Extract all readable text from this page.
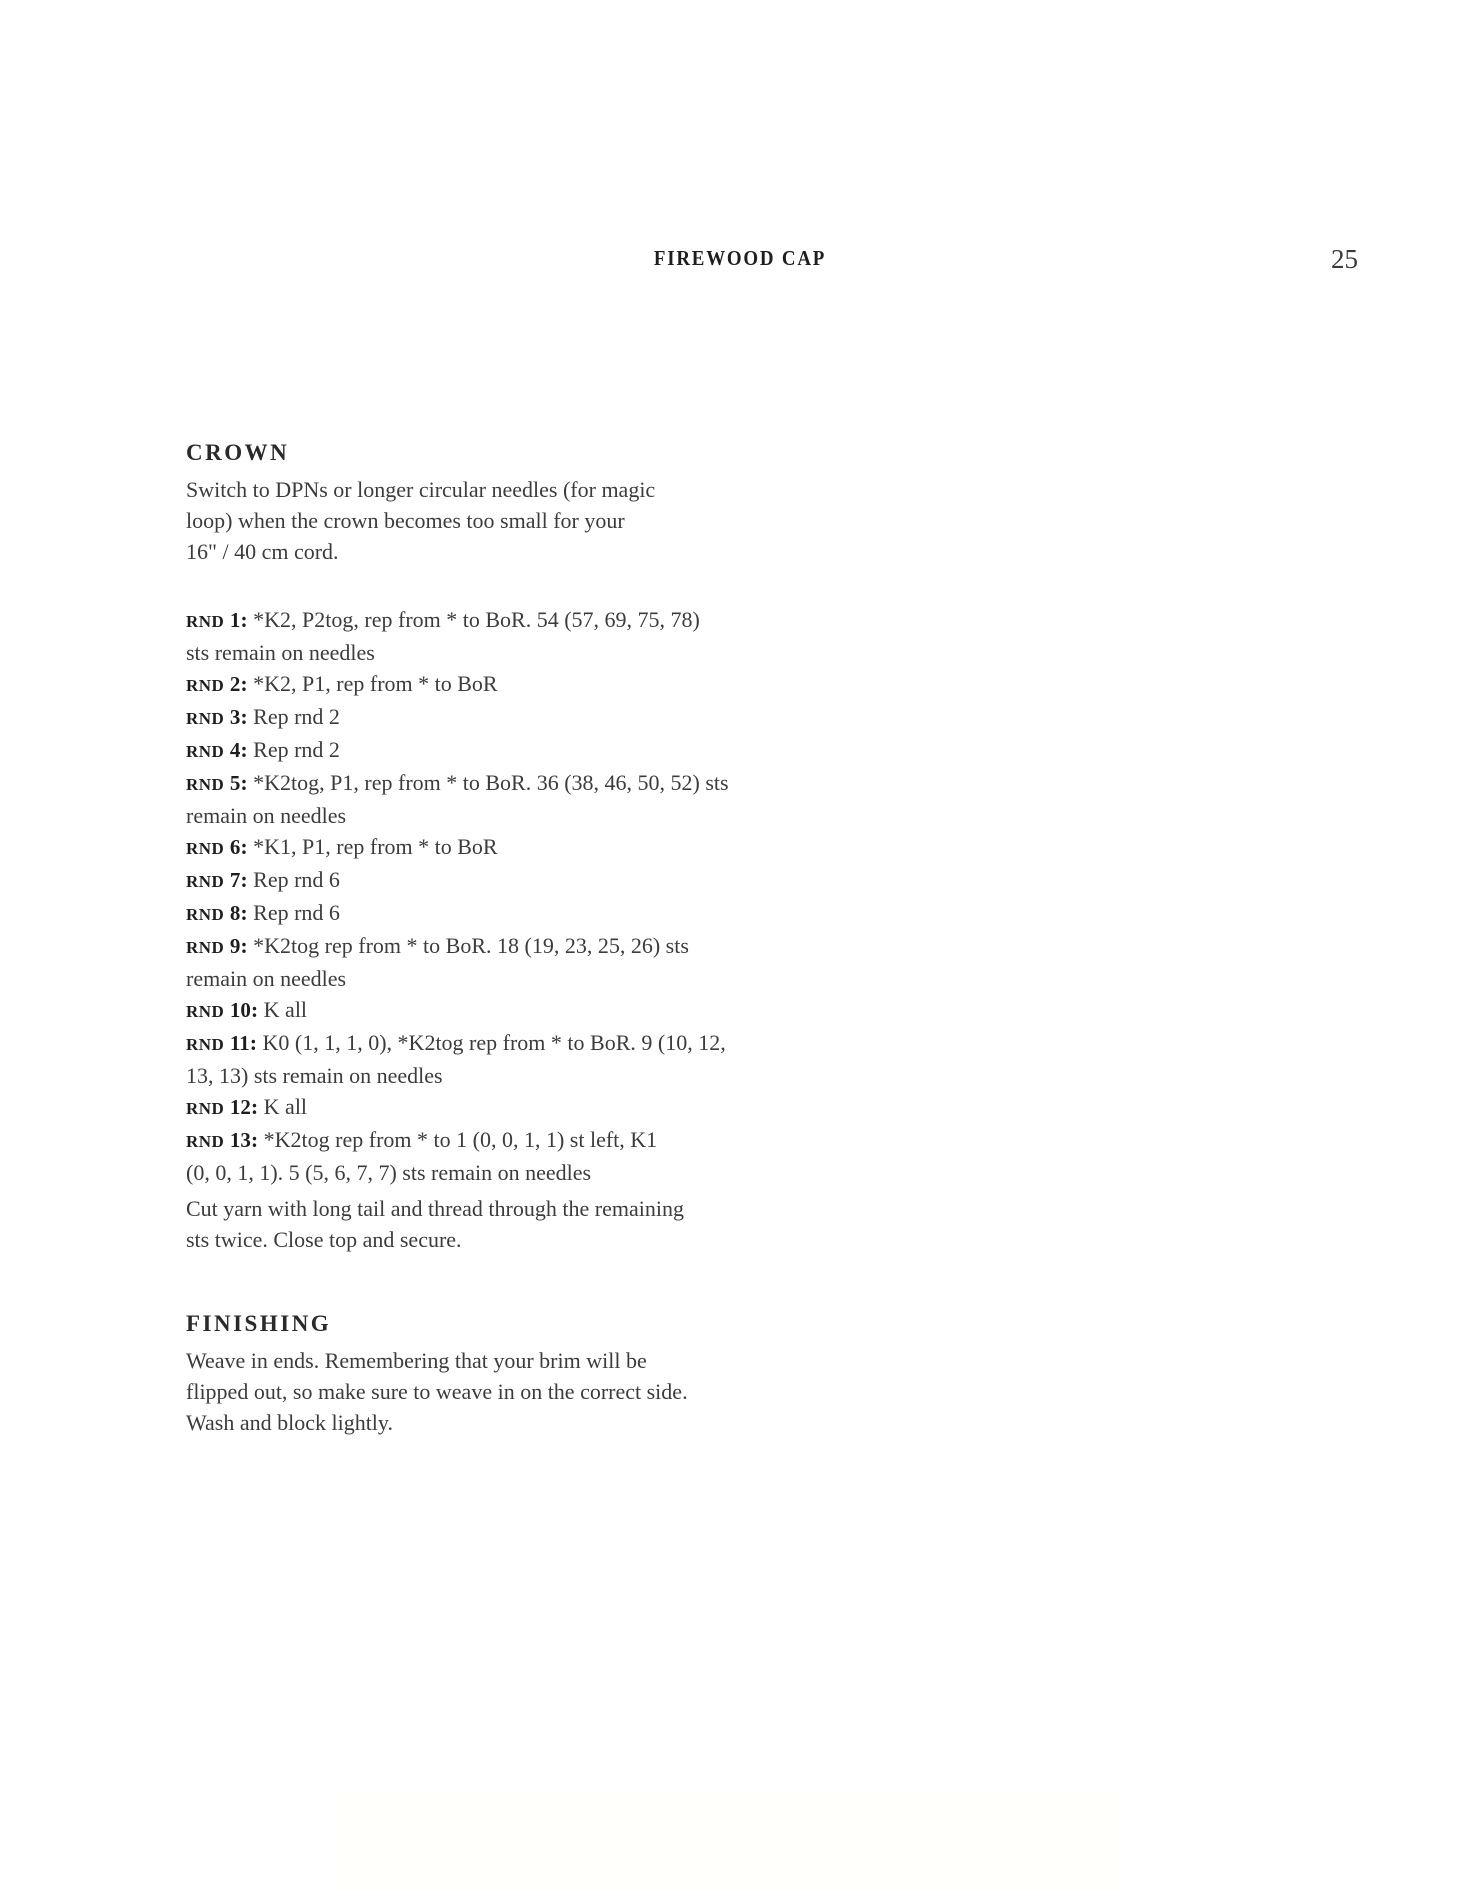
FIREWOOD CAP	25
CROWN

Switch to DPNs or longer circular needles (for magic

loop) when the crown becomes too small for your

16" / 40 cm cord.

RND 1: *K2, P2tog, rep from * to BoR. 54 (57, 69, 75, 78)

sts remain on needles

RND 2: *K2, P1, rep from * to BoR

RND 3: Rep rnd 2

RND 4: Rep rnd 2

RND 5: *K2tog, P1, rep from * to BoR. 36 (38, 46, 50, 52) sts

remain on needles

RND 6: *K1, P1, rep from * to BoR

RND 7: Rep rnd 6

RND 8: Rep rnd 6

RND 9: *K2tog rep from * to BoR. 18 (19, 23, 25, 26) sts

remain on needles

RND 10: K all

RND 11: K0 (1, 1, 1, 0), *K2tog rep from * to BoR. 9 (10, 12,

13, 13) sts remain on needles

RND 12: K all

RND 13: *K2tog rep from * to 1 (0, 0, 1, 1) st left, K1

(0, 0, 1, 1). 5 (5, 6, 7, 7) sts remain on needles

Cut yarn with long tail and thread through the remaining

sts twice. Close top and secure.

FINISHING

Weave in ends. Remembering that your brim will be

flipped out, so make sure to weave in on the correct side.

Wash and block lightly.
